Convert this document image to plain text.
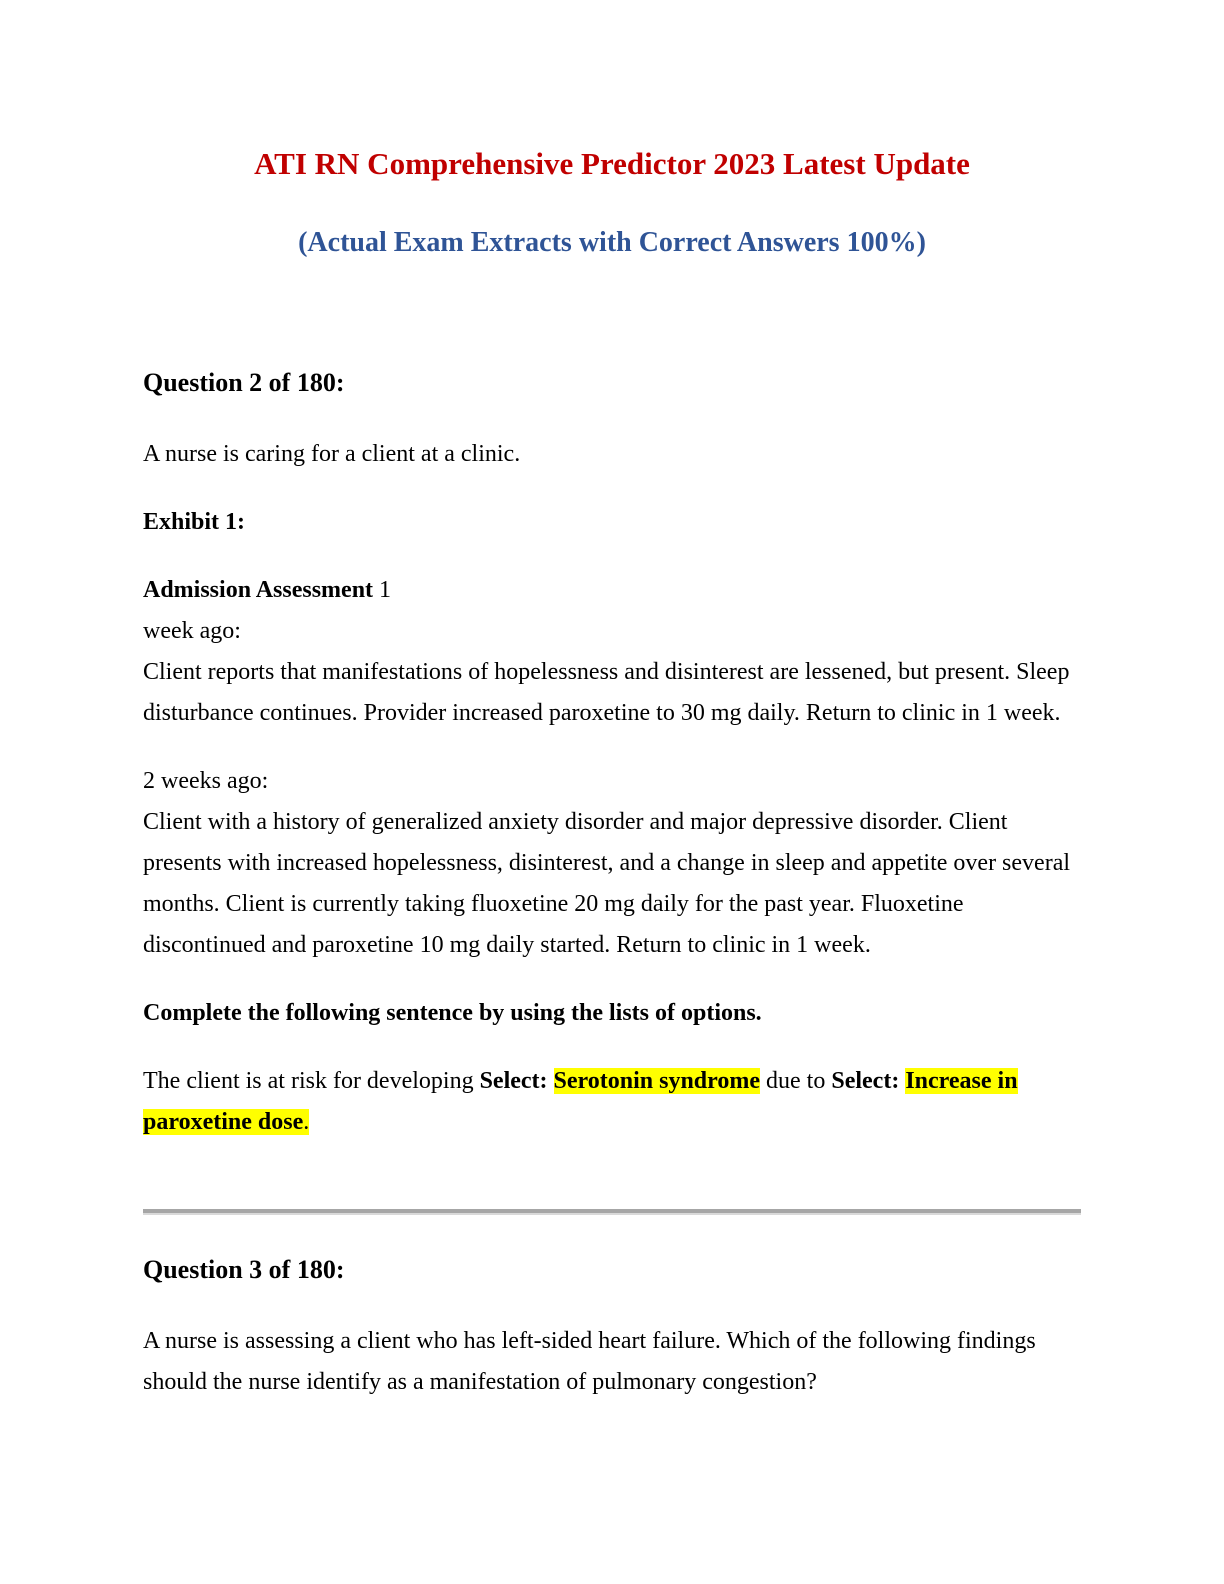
ATI RN Comprehensive Predictor 2023 Latest Update
(Actual Exam Extracts with Correct Answers 100%)
Question 2 of 180:

A nurse is caring for a client at a clinic.

Exhibit 1:

Admission Assessment 1
week ago:
Client reports that manifestations of hopelessness and disinterest are lessened, but present. Sleep disturbance continues. Provider increased paroxetine to 30 mg daily. Return to clinic in 1 week.

2 weeks ago:
Client with a history of generalized anxiety disorder and major depressive disorder. Client presents with increased hopelessness, disinterest, and a change in sleep and appetite over several months. Client is currently taking fluoxetine 20 mg daily for the past year. Fluoxetine discontinued and paroxetine 10 mg daily started. Return to clinic in 1 week.

Complete the following sentence by using the lists of options.

The client is at risk for developing Select: Serotonin syndrome due to Select: Increase in paroxetine dose.

Question 3 of 180:

A nurse is assessing a client who has left-sided heart failure. Which of the following findings should the nurse identify as a manifestation of pulmonary congestion?
